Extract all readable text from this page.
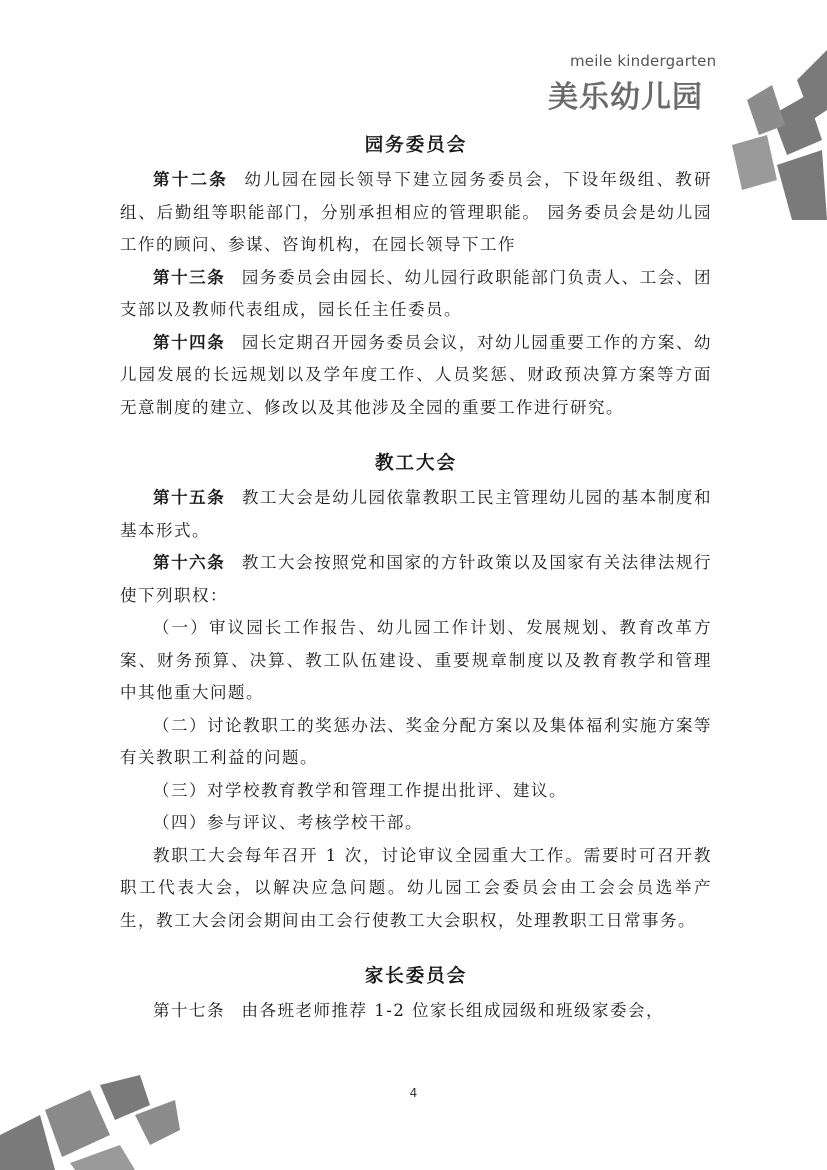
meile kindergarten
美乐幼儿园
园务委员会

第十二条 幼儿园在园长领导下建立园务委员会，下设年级组、教研组、后勤组等职能部门，分别承担相应的管理职能。 园务委员会是幼儿园工作的顾问、参谋、咨询机构，在园长领导下工作

第十三条 园务委员会由园长、幼儿园行政职能部门负责人、工会、团支部以及教师代表组成，园长任主任委员。

第十四条 园长定期召开园务委员会议，对幼儿园重要工作的方案、幼儿园发展的长远规划以及学年度工作、人员奖惩、财政预决算方案等方面无意制度的建立、修改以及其他涉及全园的重要工作进行研究。

教工大会

第十五条 教工大会是幼儿园依靠教职工民主管理幼儿园的基本制度和基本形式。

第十六条 教工大会按照党和国家的方针政策以及国家有关法律法规行使下列职权：

（一）审议园长工作报告、幼儿园工作计划、发展规划、教育改革方案、财务预算、决算、教工队伍建设、重要规章制度以及教育教学和管理中其他重大问题。

（二）讨论教职工的奖惩办法、奖金分配方案以及集体福利实施方案等有关教职工利益的问题。

（三）对学校教育教学和管理工作提出批评、建议。

（四）参与评议、考核学校干部。

教职工大会每年召开 1 次，讨论审议全园重大工作。需要时可召开教职工代表大会，以解决应急问题。幼儿园工会委员会由工会会员选举产生，教工大会闭会期间由工会行使教工大会职权，处理教职工日常事务。

家长委员会

第十七条 由各班老师推荐 1-2 位家长组成园级和班级家委会，

4
